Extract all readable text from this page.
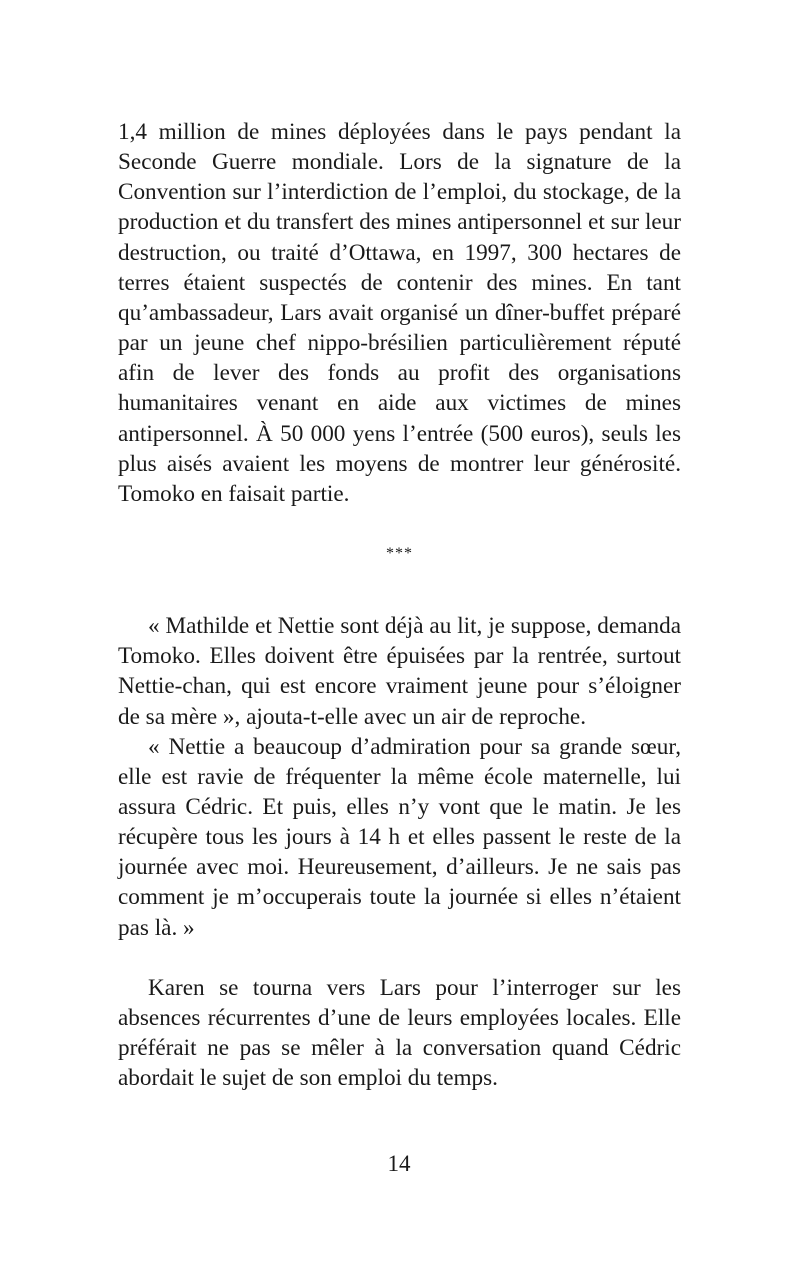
1,4 million de mines déployées dans le pays pendant la Seconde Guerre mondiale. Lors de la signature de la Convention sur l’interdiction de l’emploi, du stockage, de la production et du transfert des mines antipersonnel et sur leur destruction, ou traité d’Ottawa, en 1997, 300 hectares de terres étaient suspectés de contenir des mines. En tant qu’ambassadeur, Lars avait organisé un dîner-buffet préparé par un jeune chef nippo-brésilien particulièrement réputé afin de lever des fonds au profit des organisations humanitaires venant en aide aux victimes de mines antipersonnel. À 50 000 yens l’entrée (500 euros), seuls les plus aisés avaient les moyens de montrer leur générosité. Tomoko en faisait partie.

***

« Mathilde et Nettie sont déjà au lit, je suppose, demanda Tomoko. Elles doivent être épuisées par la rentrée, surtout Nettie-chan, qui est encore vraiment jeune pour s’éloigner de sa mère », ajouta-t-elle avec un air de reproche.

« Nettie a beaucoup d’admiration pour sa grande sœur, elle est ravie de fréquenter la même école maternelle, lui assura Cédric. Et puis, elles n’y vont que le matin. Je les récupère tous les jours à 14 h et elles passent le reste de la journée avec moi. Heureusement, d’ailleurs. Je ne sais pas comment je m’occuperais toute la journée si elles n’étaient pas là. »

Karen se tourna vers Lars pour l’interroger sur les absences récurrentes d’une de leurs employées locales. Elle préférait ne pas se mêler à la conversation quand Cédric abordait le sujet de son emploi du temps.

14
